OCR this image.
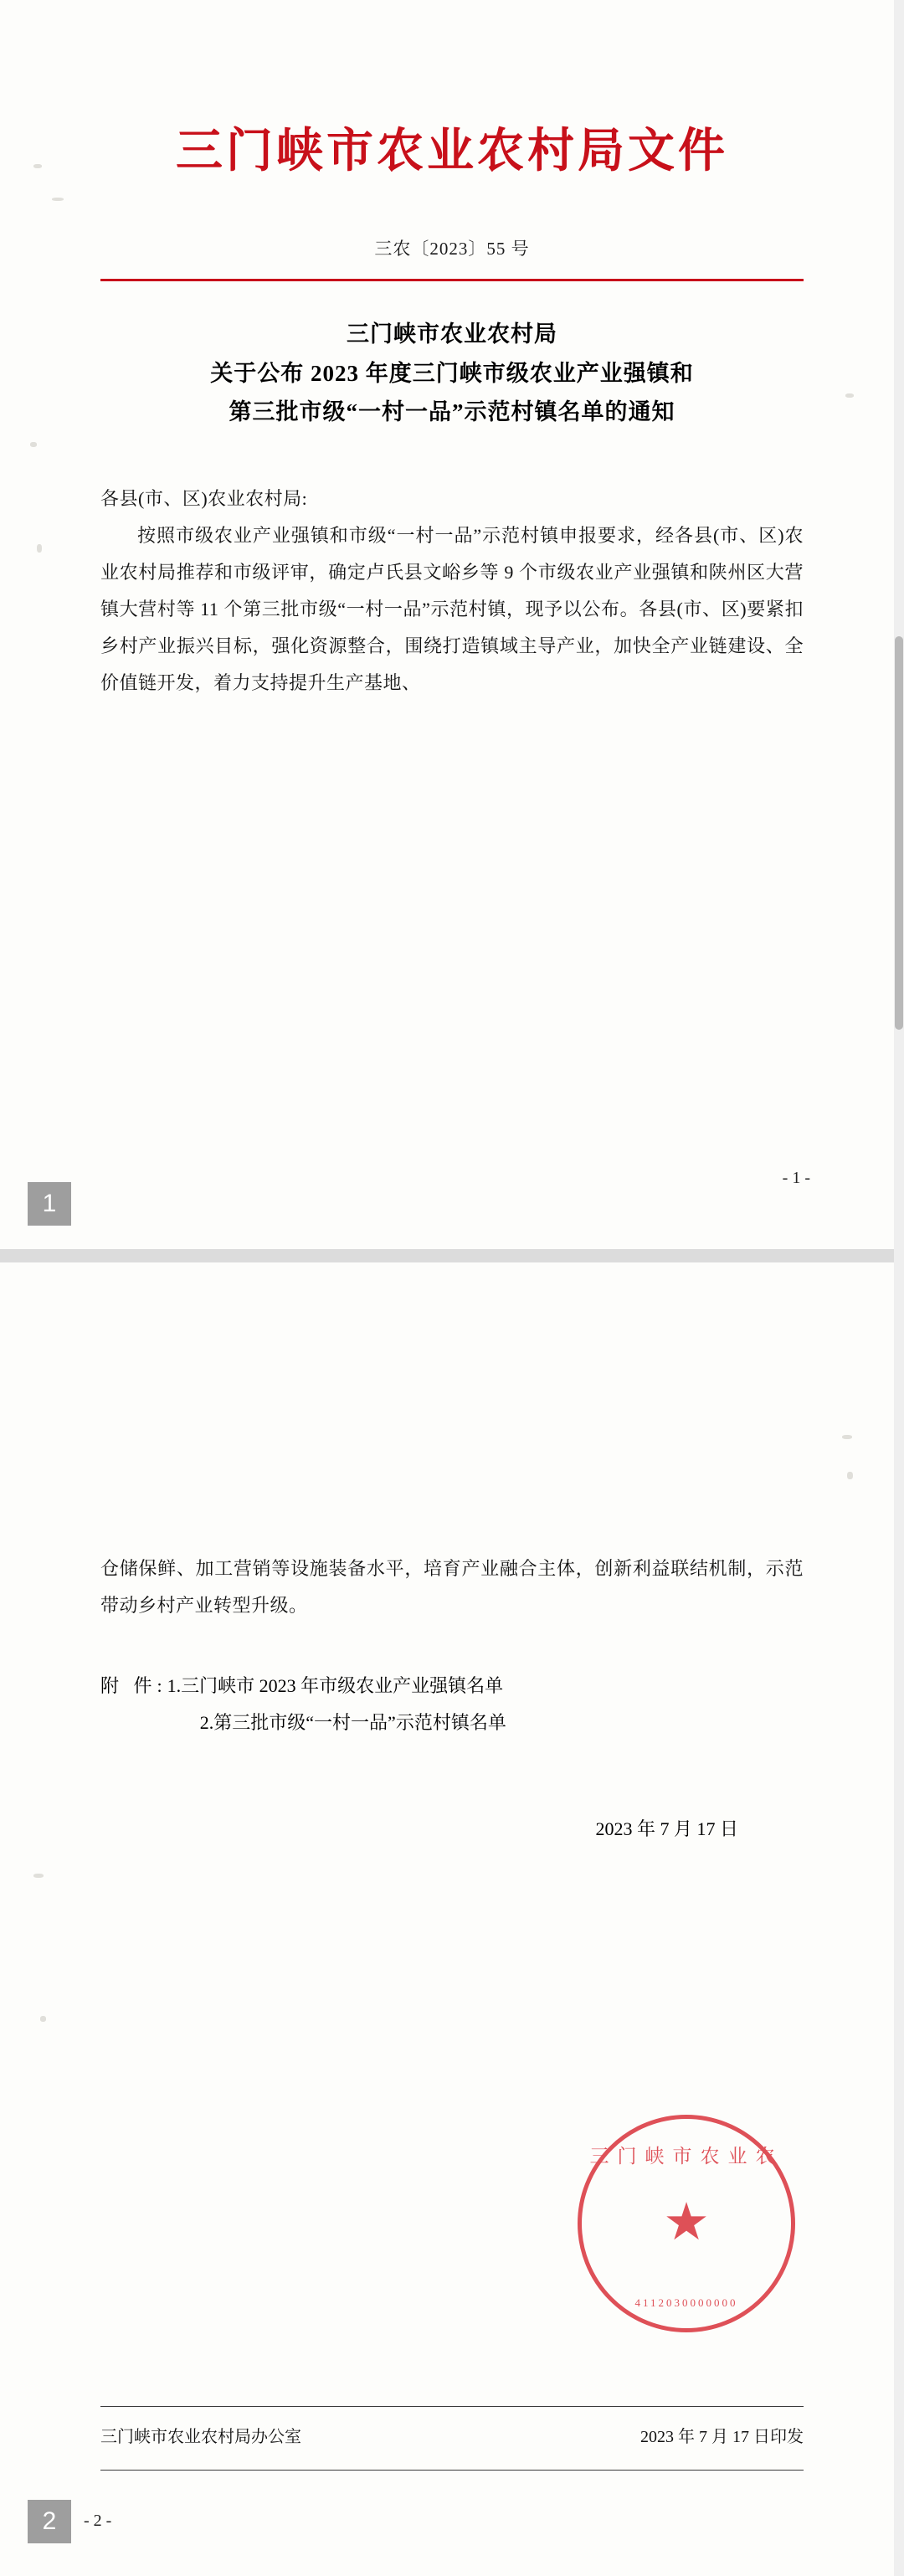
三门峡市农业农村局文件
三农〔2023〕55 号
三门峡市农业农村局
关于公布 2023 年度三门峡市级农业产业强镇和
第三批市级“一村一品”示范村镇名单的通知

各县(市、区)农业农村局:

按照市级农业产业强镇和市级“一村一品”示范村镇申报要求，经各县(市、区)农业农村局推荐和市级评审，确定卢氏县文峪乡等 9 个市级农业产业强镇和陕州区大营镇大营村等 11 个第三批市级“一村一品”示范村镇，现予以公布。各县(市、区)要紧扣乡村产业振兴目标，强化资源整合，围绕打造镇域主导产业，加快全产业链建设、全价值链开发，着力支持提升生产基地、

- 1 -

仓储保鲜、加工营销等设施装备水平，培育产业融合主体，创新利益联结机制，示范带动乡村产业转型升级。

附 件:1.三门峡市 2023 年市级农业产业强镇名单
2.第三批市级“一村一品”示范村镇名单
2023 年 7 月 17 日
三门峡市农业农
★
4112030000000
三门峡市农业农村局办公室	2023 年 7 月 17 日印发
- 2 -
1
2
